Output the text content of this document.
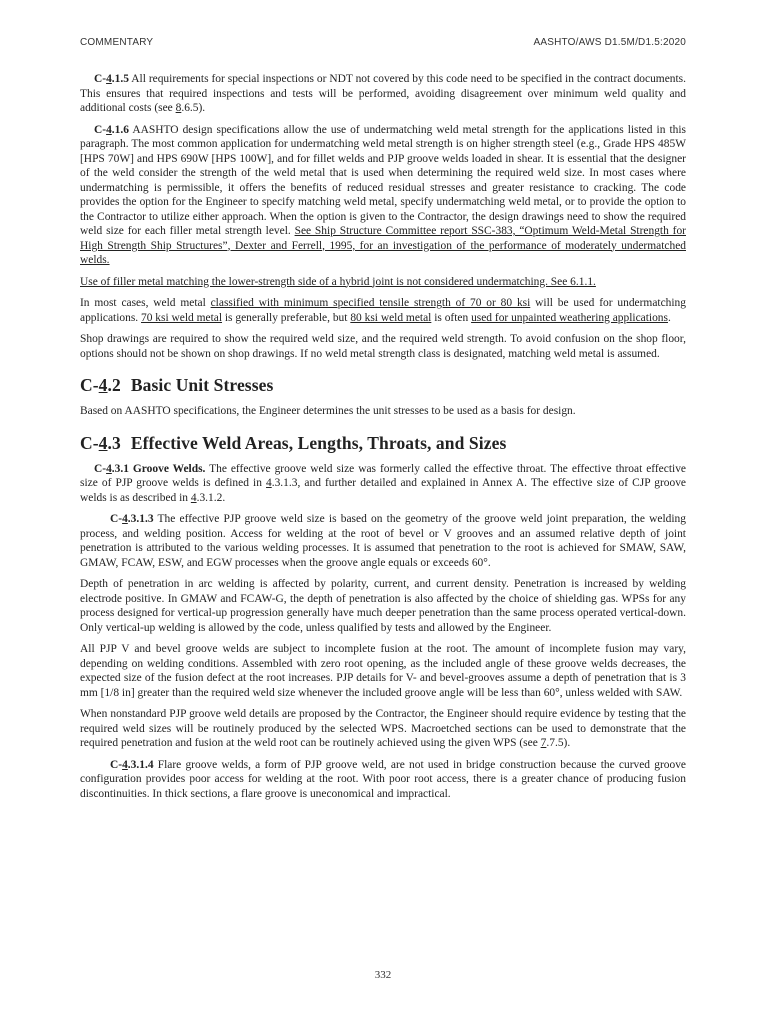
COMMENTARY	AASHTO/AWS D1.5M/D1.5:2020

C-4.1.5 All requirements for special inspections or NDT not covered by this code need to be specified in the contract documents. This ensures that required inspections and tests will be performed, avoiding disagreement over minimum weld quality and additional costs (see 8.6.5).

C-4.1.6 AASHTO design specifications allow the use of undermatching weld metal strength for the applications listed in this paragraph. The most common application for undermatching weld metal strength is on higher strength steel (e.g., Grade HPS 485W [HPS 70W] and HPS 690W [HPS 100W], and for fillet welds and PJP groove welds loaded in shear. It is essential that the designer of the weld consider the strength of the weld metal that is used when determining the required weld size. In most cases where undermatching is permissible, it offers the benefits of reduced residual stresses and greater resistance to cracking. The code provides the option for the Engineer to specify matching weld metal, specify undermatching weld metal, or to provide the option to the Contractor to utilize either approach. When the option is given to the Contractor, the design drawings need to show the required weld size for each filler metal strength level. See Ship Structure Committee report SSC-383, “Optimum Weld-Metal Strength for High Strength Ship Structures”, Dexter and Ferrell, 1995, for an investigation of the performance of moderately undermatched welds.

Use of filler metal matching the lower-strength side of a hybrid joint is not considered undermatching. See 6.1.1.

In most cases, weld metal classified with minimum specified tensile strength of 70 or 80 ksi will be used for undermatching applications. 70 ksi weld metal is generally preferable, but 80 ksi weld metal is often used for unpainted weathering applications.

Shop drawings are required to show the required weld size, and the required weld strength. To avoid confusion on the shop floor, options should not be shown on shop drawings. If no weld metal strength class is designated, matching weld metal is assumed.

C-4.2 Basic Unit Stresses

Based on AASHTO specifications, the Engineer determines the unit stresses to be used as a basis for design.

C-4.3 Effective Weld Areas, Lengths, Throats, and Sizes

C-4.3.1 Groove Welds. The effective groove weld size was formerly called the effective throat. The effective throat effective size of PJP groove welds is defined in 4.3.1.3, and further detailed and explained in Annex A. The effective size of CJP groove welds is as described in 4.3.1.2.

C-4.3.1.3 The effective PJP groove weld size is based on the geometry of the groove weld joint preparation, the welding process, and welding position. Access for welding at the root of bevel or V grooves and an assumed relative depth of joint penetration is attributed to the various welding processes. It is assumed that penetration to the root is achieved for SMAW, SAW, GMAW, FCAW, ESW, and EGW processes when the groove angle equals or exceeds 60°.

Depth of penetration in arc welding is affected by polarity, current, and current density. Penetration is increased by welding electrode positive. In GMAW and FCAW-G, the depth of penetration is also affected by the choice of shielding gas. WPSs for any process designed for vertical-up progression generally have much deeper penetration than the same process operated vertical-down. Only vertical-up welding is allowed by the code, unless qualified by tests and allowed by the Engineer.

All PJP V and bevel groove welds are subject to incomplete fusion at the root. The amount of incomplete fusion may vary, depending on welding conditions. Assembled with zero root opening, as the included angle of these groove welds decreases, the expected size of the fusion defect at the root increases. PJP details for V- and bevel-grooves assume a depth of penetration that is 3 mm [1/8 in] greater than the required weld size whenever the included groove angle will be less than 60°, unless welded with SAW.

When nonstandard PJP groove weld details are proposed by the Contractor, the Engineer should require evidence by testing that the required weld sizes will be routinely produced by the selected WPS. Macroetched sections can be used to demonstrate that the required penetration and fusion at the weld root can be routinely achieved using the given WPS (see 7.7.5).

C-4.3.1.4 Flare groove welds, a form of PJP groove weld, are not used in bridge construction because the curved groove configuration provides poor access for welding at the root. With poor root access, there is a greater chance of producing fusion discontinuities. In thick sections, a flare groove is uneconomical and impractical.

332
